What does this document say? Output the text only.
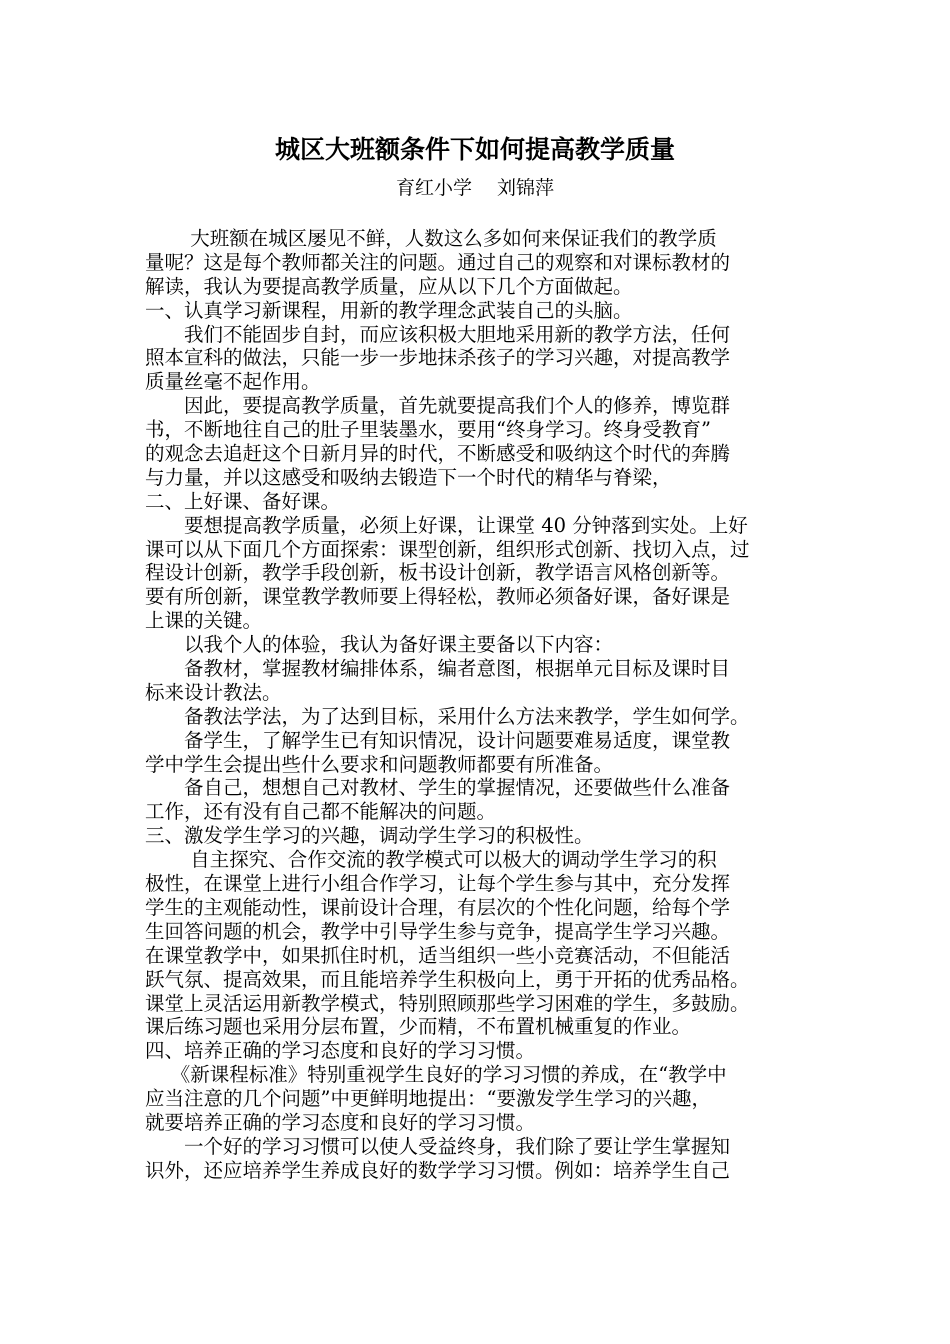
城区大班额条件下如何提高教学质量
育红小学　 刘锦萍
　　 大班额在城区屡见不鲜，人数这么多如何来保证我们的教学质
量呢？这是每个教师都关注的问题。通过自己的观察和对课标教材的
解读，我认为要提高教学质量，应从以下几个方面做起。
一、认真学习新课程，用新的教学理念武装自己的头脑。
　　我们不能固步自封，而应该积极大胆地采用新的教学方法，任何
照本宣科的做法，只能一步一步地抹杀孩子的学习兴趣，对提高教学
质量丝毫不起作用。
　　因此，要提高教学质量，首先就要提高我们个人的修养，博览群
书，不断地往自己的肚子里装墨水，要用“终身学习。终身受教育”
的观念去追赶这个日新月异的时代，不断感受和吸纳这个时代的奔腾
与力量，并以这感受和吸纳去锻造下一个时代的精华与脊梁，
二、上好课、备好课。
　　要想提高教学质量，必须上好课，让课堂 40 分钟落到实处。上好
课可以从下面几个方面探索：课型创新，组织形式创新、找切入点，过
程设计创新，教学手段创新，板书设计创新，教学语言风格创新等。
要有所创新，课堂教学教师要上得轻松，教师必须备好课，备好课是
上课的关键。
　　以我个人的体验，我认为备好课主要备以下内容：
　　备教材，掌握教材编排体系，编者意图，根据单元目标及课时目
标来设计教法。
　　备教法学法，为了达到目标，采用什么方法来教学，学生如何学。
　　备学生，了解学生已有知识情况，设计问题要难易适度，课堂教
学中学生会提出些什么要求和问题教师都要有所准备。
　　备自己，想想自己对教材、学生的掌握情况，还要做些什么准备
工作，还有没有自己都不能解决的问题。
三、激发学生学习的兴趣，调动学生学习的积极性。
　　 自主探究、合作交流的教学模式可以极大的调动学生学习的积
极性，在课堂上进行小组合作学习，让每个学生参与其中，充分发挥
学生的主观能动性，课前设计合理，有层次的个性化问题，给每个学
生回答问题的机会，教学中引导学生参与竞争，提高学生学习兴趣。
在课堂教学中，如果抓住时机，适当组织一些小竞赛活动，不但能活
跃气氛、提高效果，而且能培养学生积极向上，勇于开拓的优秀品格。
课堂上灵活运用新教学模式，特别照顾那些学习困难的学生，多鼓励。
课后练习题也采用分层布置，少而精，不布置机械重复的作业。
四、培养正确的学习态度和良好的学习习惯。
　 《新课程标准》特别重视学生良好的学习习惯的养成，在“教学中
应当注意的几个问题”中更鲜明地提出：“要激发学生学习的兴趣，
就要培养正确的学习态度和良好的学习习惯。
　　一个好的学习习惯可以使人受益终身，我们除了要让学生掌握知
识外，还应培养学生养成良好的数学学习习惯。例如：培养学生自己
